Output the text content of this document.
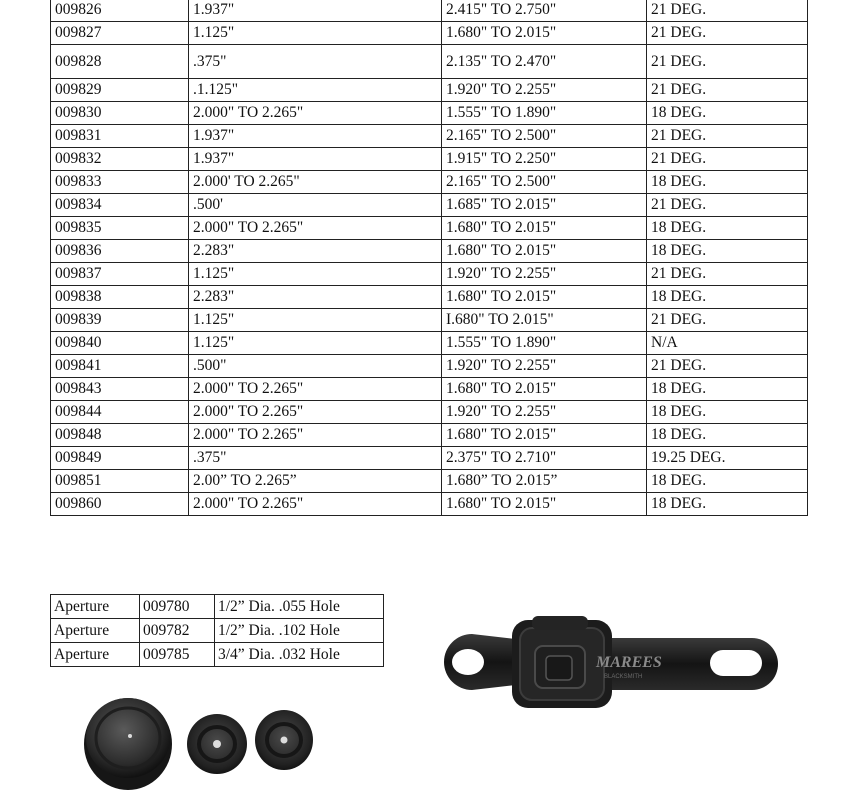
009826	1.937"	2.415" TO 2.750"	21 DEG.
009827	1.125"	1.680" TO 2.015"	21 DEG.
009828	.375"	2.135" TO 2.470"	21 DEG.
009829	.1.125"	1.920" TO 2.255"	21 DEG.
009830	2.000" TO 2.265"	1.555" TO 1.890"	18 DEG.
009831	1.937"	2.165" TO 2.500"	21 DEG.
009832	1.937"	1.915" TO 2.250"	21 DEG.
009833	2.000' TO 2.265"	2.165" TO 2.500"	18 DEG.
009834	.500'	1.685" TO 2.015"	21 DEG.
009835	2.000" TO 2.265"	1.680" TO 2.015"	18 DEG.
009836	2.283"	1.680" TO 2.015"	18 DEG.
009837	1.125"	1.920" TO 2.255"	21 DEG.
009838	2.283"	1.680" TO 2.015"	18 DEG.
009839	1.125"	I.680" TO 2.015"	21 DEG.
009840	1.125"	1.555" TO 1.890"	N/A
009841	.500"	1.920" TO 2.255"	21 DEG.
009843	2.000" TO 2.265"	1.680" TO 2.015"	18 DEG.
009844	2.000" TO 2.265"	1.920" TO 2.255"	18 DEG.
009848	2.000" TO 2.265"	1.680" TO 2.015"	18 DEG.
009849	.375"	2.375" TO 2.710"	19.25 DEG.
009851	2.00” TO 2.265”	1.680” TO 2.015”	18 DEG.
009860	2.000" TO 2.265"	1.680" TO 2.015"	18 DEG.
Aperture	009780	1/2” Dia. .055 Hole
Aperture	009782	1/2” Dia. .102 Hole
Aperture	009785	3/4” Dia. .032 Hole	MAREES
BLACKSMITH
